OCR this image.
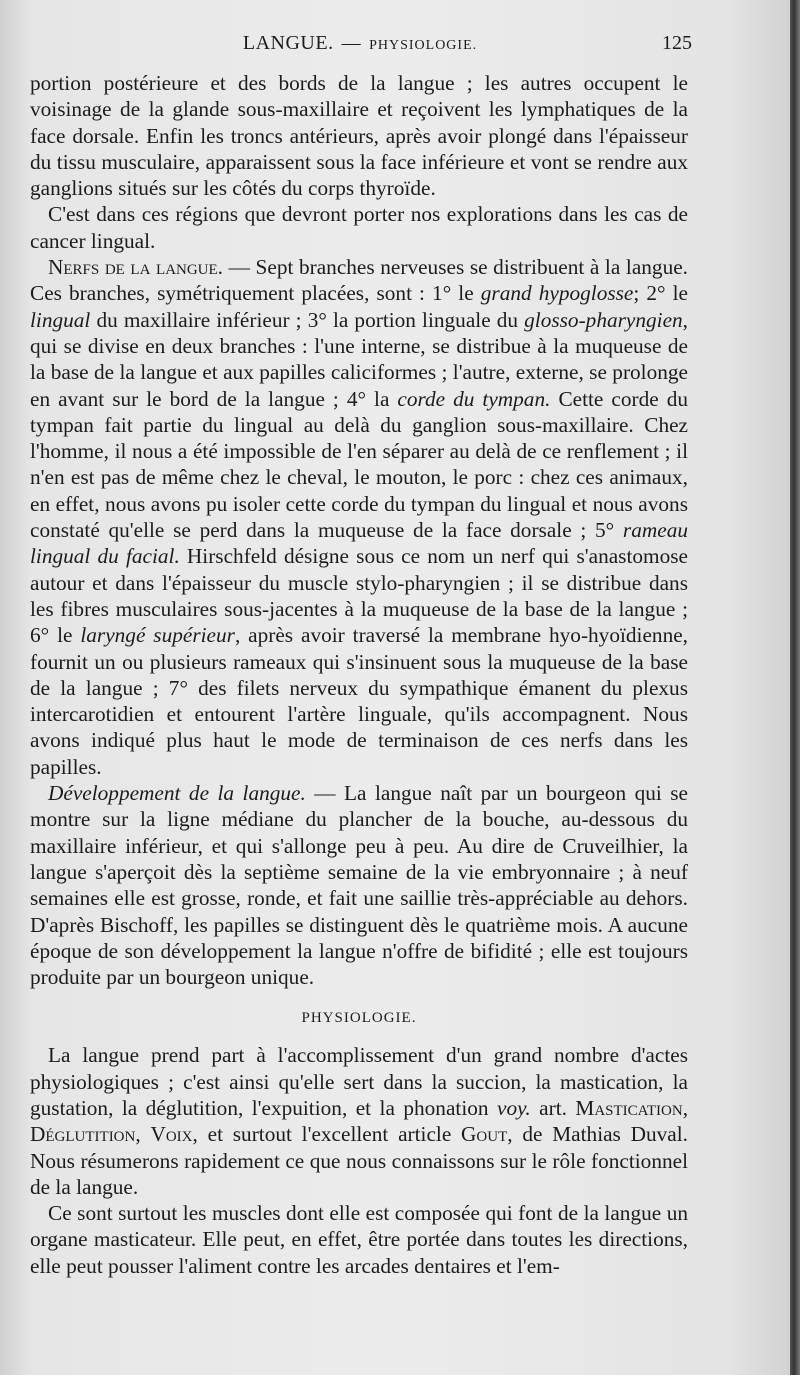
LANGUE. — PHYSIOLOGIE.	125

portion postérieure et des bords de la langue ; les autres occupent le voisinage de la glande sous-maxillaire et reçoivent les lymphatiques de la face dorsale. Enfin les troncs antérieurs, après avoir plongé dans l'épaisseur du tissu musculaire, apparaissent sous la face inférieure et vont se rendre aux ganglions situés sur les côtés du corps thyroïde.

C'est dans ces régions que devront porter nos explorations dans les cas de cancer lingual.

Nerfs de la langue. — Sept branches nerveuses se distribuent à la langue. Ces branches, symétriquement placées, sont : 1° le grand hypoglosse; 2° le lingual du maxillaire inférieur ; 3° la portion linguale du glosso-pharyngien, qui se divise en deux branches : l'une interne, se distribue à la muqueuse de la base de la langue et aux papilles caliciformes ; l'autre, externe, se prolonge en avant sur le bord de la langue ; 4° la corde du tympan. Cette corde du tympan fait partie du lingual au delà du ganglion sous-maxillaire. Chez l'homme, il nous a été impossible de l'en séparer au delà de ce renflement ; il n'en est pas de même chez le cheval, le mouton, le porc : chez ces animaux, en effet, nous avons pu isoler cette corde du tympan du lingual et nous avons constaté qu'elle se perd dans la muqueuse de la face dorsale ; 5° rameau lingual du facial. Hirschfeld désigne sous ce nom un nerf qui s'anastomose autour et dans l'épaisseur du muscle stylo-pharyngien ; il se distribue dans les fibres musculaires sous-jacentes à la muqueuse de la base de la langue ; 6° le laryngé supérieur, après avoir traversé la membrane hyo-hyoïdienne, fournit un ou plusieurs rameaux qui s'insinuent sous la muqueuse de la base de la langue ; 7° des filets nerveux du sympathique émanent du plexus intercarotidien et entourent l'artère linguale, qu'ils accompagnent. Nous avons indiqué plus haut le mode de terminaison de ces nerfs dans les papilles.

Développement de la langue. — La langue naît par un bourgeon qui se montre sur la ligne médiane du plancher de la bouche, au-dessous du maxillaire inférieur, et qui s'allonge peu à peu. Au dire de Cruveilhier, la langue s'aperçoit dès la septième semaine de la vie embryonnaire ; à neuf semaines elle est grosse, ronde, et fait une saillie très-appréciable au dehors. D'après Bischoff, les papilles se distinguent dès le quatrième mois. A aucune époque de son développement la langue n'offre de bifidité ; elle est toujours produite par un bourgeon unique.

PHYSIOLOGIE.

La langue prend part à l'accomplissement d'un grand nombre d'actes physiologiques ; c'est ainsi qu'elle sert dans la succion, la mastication, la gustation, la déglutition, l'expuition, et la phonation voy. art. Mastication, Déglutition, Voix, et surtout l'excellent article Gout, de Mathias Duval. Nous résumerons rapidement ce que nous connaissons sur le rôle fonctionnel de la langue.

Ce sont surtout les muscles dont elle est composée qui font de la langue un organe masticateur. Elle peut, en effet, être portée dans toutes les directions, elle peut pousser l'aliment contre les arcades dentaires et l'em-
